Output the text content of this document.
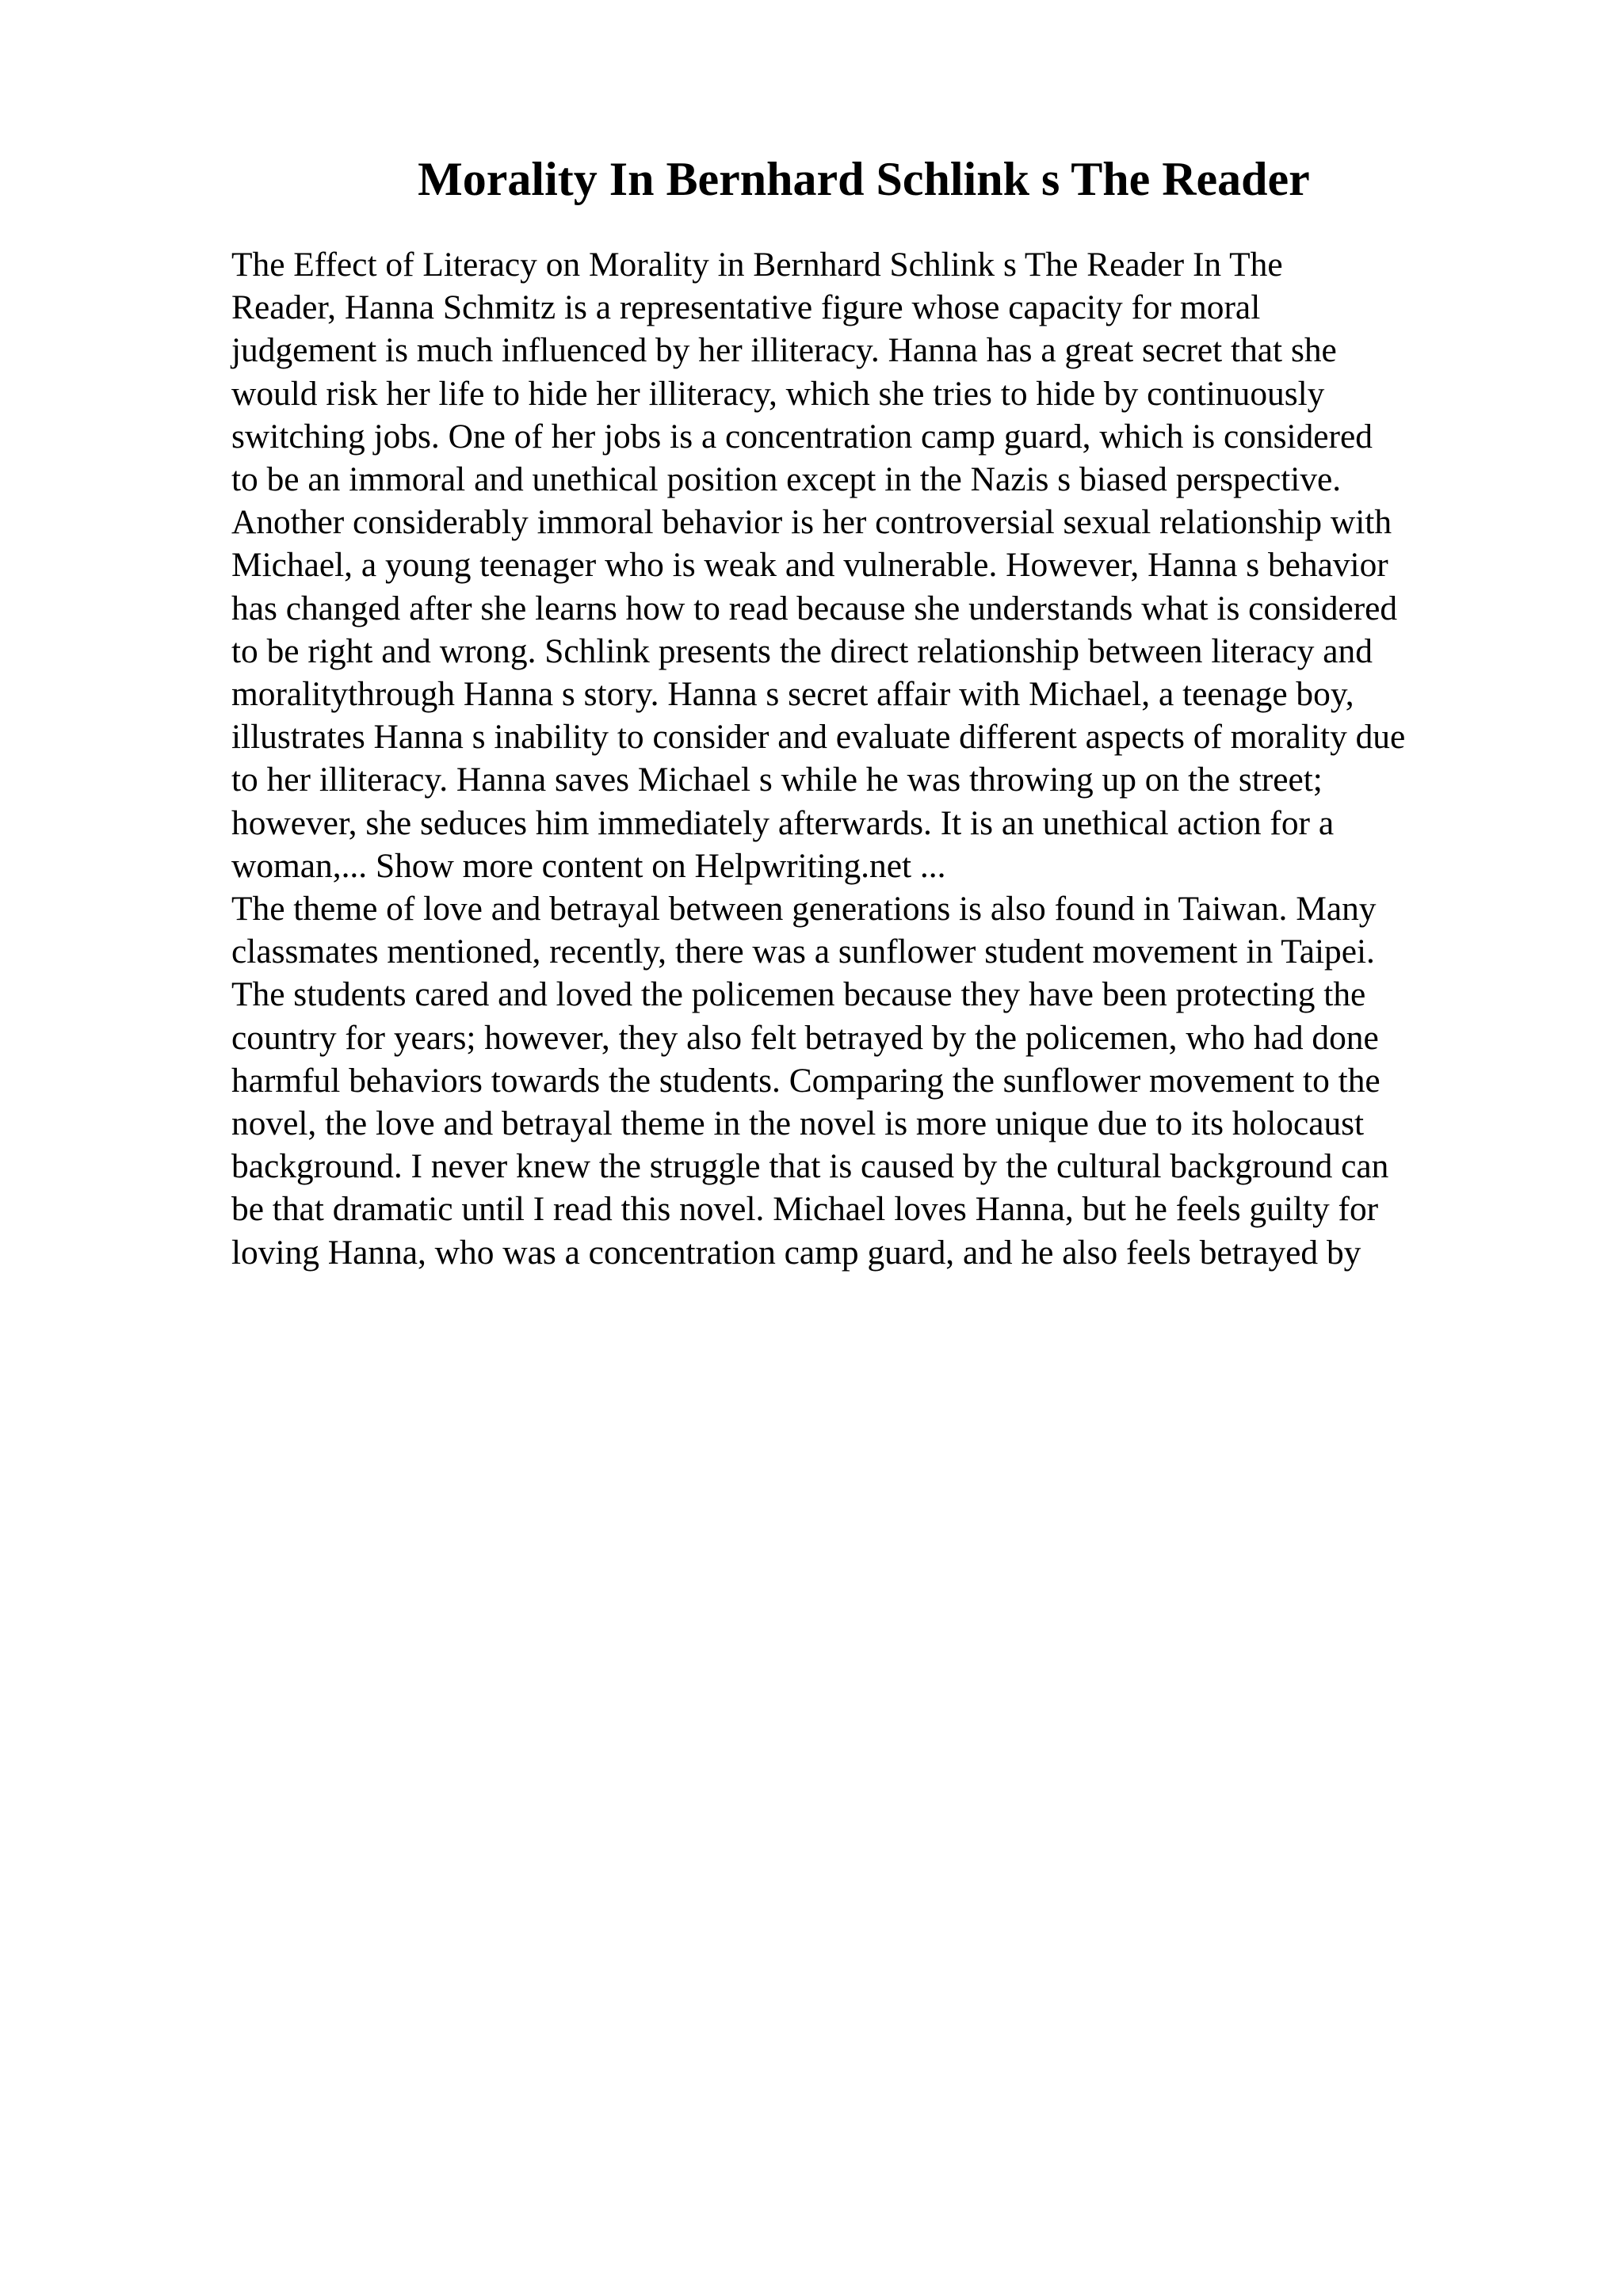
Morality In Bernhard Schlink s The Reader
The Effect of Literacy on Morality in Bernhard Schlink s The Reader In The
Reader, Hanna Schmitz is a representative figure whose capacity for moral
judgement is much influenced by her illiteracy. Hanna has a great secret that she
would risk her life to hide her illiteracy, which she tries to hide by continuously
switching jobs. One of her jobs is a concentration camp guard, which is considered
to be an immoral and unethical position except in the Nazis s biased perspective.
Another considerably immoral behavior is her controversial sexual relationship with
Michael, a young teenager who is weak and vulnerable. However, Hanna s behavior
has changed after she learns how to read because she understands what is considered
to be right and wrong. Schlink presents the direct relationship between literacy and
moralitythrough Hanna s story. Hanna s secret affair with Michael, a teenage boy,
illustrates Hanna s inability to consider and evaluate different aspects of morality due
to her illiteracy. Hanna saves Michael s while he was throwing up on the street;
however, she seduces him immediately afterwards. It is an unethical action for a
woman,... Show more content on Helpwriting.net ...
The theme of love and betrayal between generations is also found in Taiwan. Many
classmates mentioned, recently, there was a sunflower student movement in Taipei.
The students cared and loved the policemen because they have been protecting the
country for years; however, they also felt betrayed by the policemen, who had done
harmful behaviors towards the students. Comparing the sunflower movement to the
novel, the love and betrayal theme in the novel is more unique due to its holocaust
background. I never knew the struggle that is caused by the cultural background can
be that dramatic until I read this novel. Michael loves Hanna, but he feels guilty for
loving Hanna, who was a concentration camp guard, and he also feels betrayed by
